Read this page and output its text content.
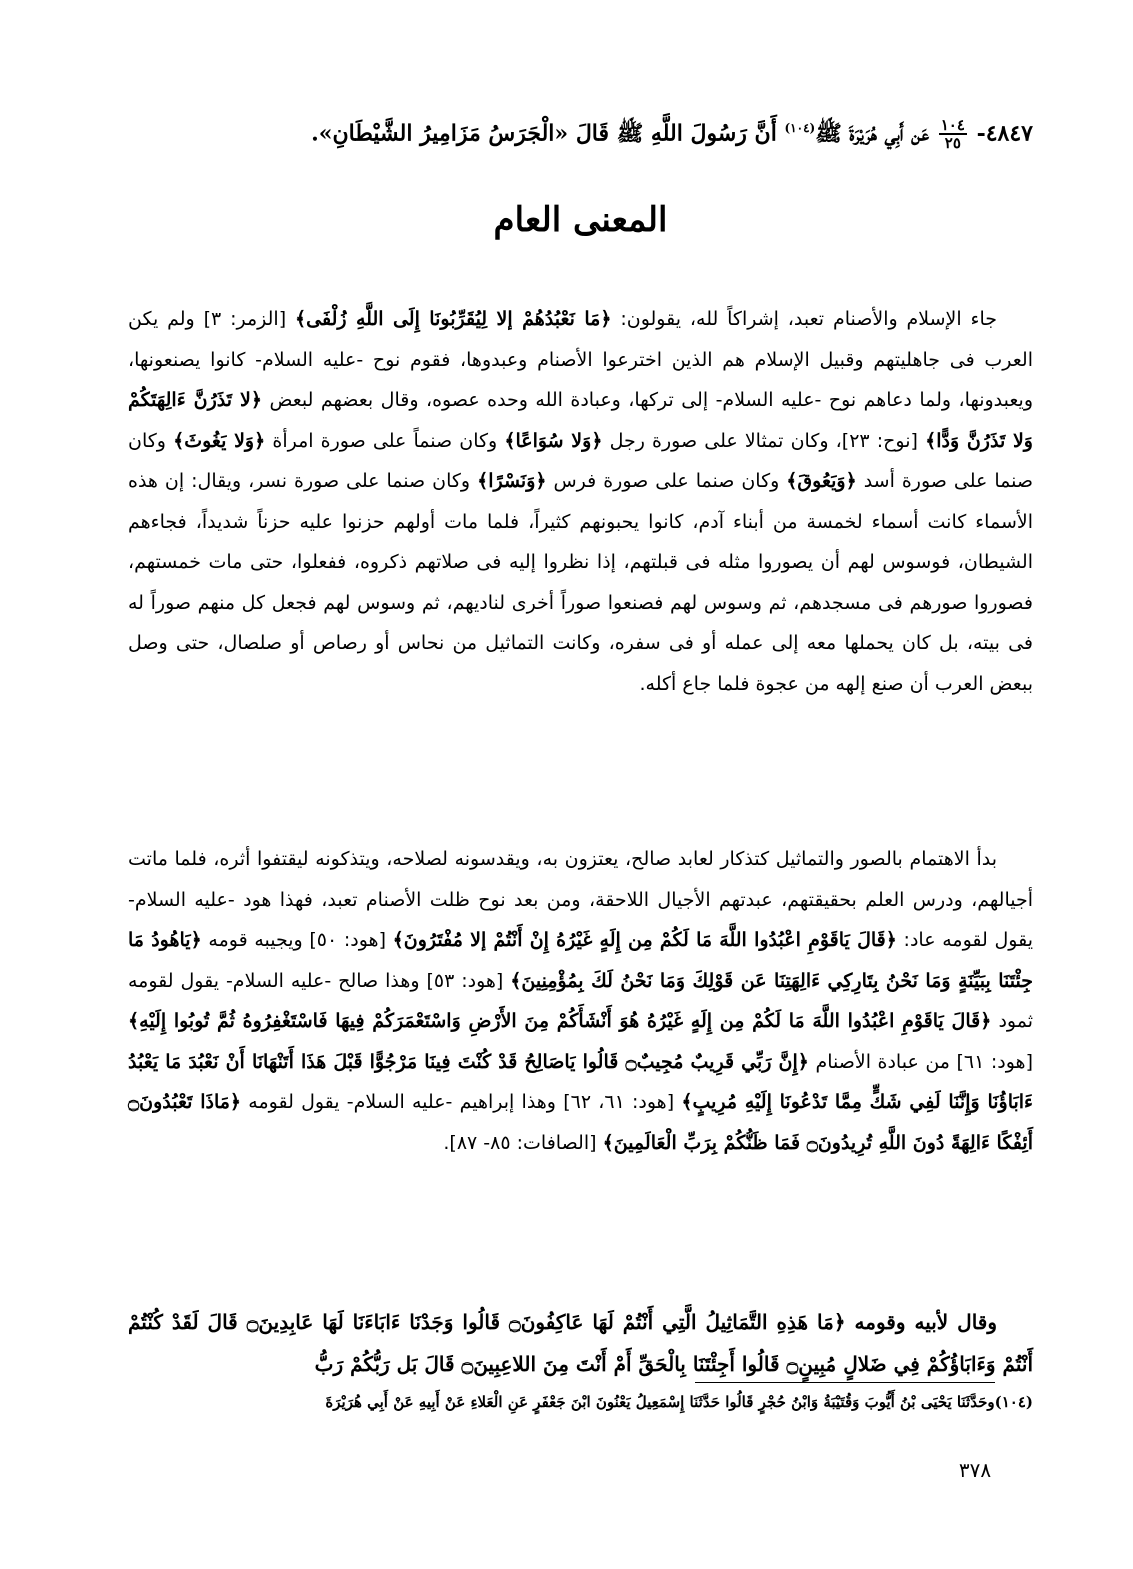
٤٨٤٧-
$\frac{١٠٤}{٢٥}$
عَن أَبِي هُرَيْرَةَ ﷺ$^{(١٠٤)}$ أَنَّ رَسُولَ اللَّهِ ﷺ قَالَ «الْجَرَسُ مَزَامِيرُ الشَّيْطَانِ».
المعنى العام

جاء الإسلام والأصنام تعبد، إشراكاً لله، يقولون: ﴿مَا نَعْبُدُهُمْ إلا لِيُقَرِّبُونَا إِلَى اللَّهِ زُلْفَى﴾ [الزمر: ٣] ولم يكن العرب فى جاهليتهم وقبيل الإسلام هم الذين اخترعوا الأصنام وعبدوها، فقوم نوح -عليه السلام- كانوا يصنعونها، ويعبدونها، ولما دعاهم نوح -عليه السلام- إلى تركها، وعبادة الله وحده عصوه، وقال بعضهم لبعض ﴿لا تَذَرُنَّ ءَالِهَتَكُمْ وَلا تَذَرُنَّ وَدًّا﴾ [نوح: ٢٣]، وكان تمثالا على صورة رجل ﴿وَلا سُوَاعًا﴾ وكان صنماً على صورة امرأة ﴿وَلا يَغُوثَ﴾ وكان صنما على صورة أسد ﴿وَيَعُوقَ﴾ وكان صنما على صورة فرس ﴿وَنَسْرًا﴾ وكان صنما على صورة نسر، ويقال: إن هذه الأسماء كانت أسماء لخمسة من أبناء آدم، كانوا يحبونهم كثيراً، فلما مات أولهم حزنوا عليه حزناً شديداً، فجاءهم الشيطان، فوسوس لهم أن يصوروا مثله فى قبلتهم، إذا نظروا إليه فى صلاتهم ذكروه، ففعلوا، حتى مات خمستهم، فصوروا صورهم فى مسجدهم، ثم وسوس لهم فصنعوا صوراً أخرى لناديهم، ثم وسوس لهم فجعل كل منهم صوراً له فى بيته، بل كان يحملها معه إلى عمله أو فى سفره، وكانت التماثيل من نحاس أو رصاص أو صلصال، حتى وصل ببعض العرب أن صنع إلهه من عجوة فلما جاع أكله.

بدأ الاهتمام بالصور والتماثيل كتذكار لعابد صالح، يعتزون به، ويقدسونه لصلاحه، ويتذكونه ليقتفوا أثره، فلما ماتت أجيالهم، ودرس العلم بحقيقتهم، عبدتهم الأجيال اللاحقة، ومن بعد نوح ظلت الأصنام تعبد، فهذا هود -عليه السلام- يقول لقومه عاد: ﴿قَالَ يَاقَوْمِ اعْبُدُوا اللَّهَ مَا لَكُمْ مِن إِلَهٍ غَيْرُهُ إِنْ أَنْتُمْ إلا مُفْتَرُونَ﴾ [هود: ٥٠] ويجيبه قومه ﴿يَاهُودُ مَا جِئْتَنَا بِبَيِّنَةٍ وَمَا نَحْنُ بِتَارِكِي ءَالِهَتِنَا عَن قَوْلِكَ وَمَا نَحْنُ لَكَ بِمُؤْمِنِينَ﴾ [هود: ٥٣] وهذا صالح -عليه السلام- يقول لقومه ثمود ﴿قَالَ يَاقَوْمِ اعْبُدُوا اللَّهَ مَا لَكُمْ مِن إِلَهٍ غَيْرُهُ هُوَ أَنْشَأَكُمْ مِنَ الأَرْضِ وَاسْتَعْمَرَكُمْ فِيهَا فَاسْتَغْفِرُوهُ ثُمَّ تُوبُوا إِلَيْهِ﴾ [هود: ٦١] من عبادة الأصنام ﴿إِنَّ رَبِّي قَرِيبٌ مُجِيبٌ۝ قَالُوا يَاصَالِحُ قَدْ كُنْتَ فِينَا مَرْجُوًّا قَبْلَ هَذَا أَتَنْهَانَا أَنْ نَعْبُدَ مَا يَعْبُدُ ءَابَاؤُنَا وَإِنَّنَا لَفِي شَكٍّ مِمَّا تَدْعُونَا إِلَيْهِ مُرِيبٍ﴾ [هود: ٦١، ٦٢] وهذا إبراهيم -عليه السلام- يقول لقومه ﴿مَاذَا تَعْبُدُونَ۝ أَئِفْكًا ءَالِهَةً دُونَ اللَّهِ تُرِيدُونَ۝ فَمَا ظَنُّكُمْ بِرَبِّ الْعَالَمِينَ﴾ [الصافات: ٨٥- ٨٧].

وقال لأبيه وقومه ﴿مَا هَذِهِ التَّمَاثِيلُ الَّتِي أَنْتُمْ لَهَا عَاكِفُونَ۝ قَالُوا وَجَدْنَا ءَابَاءَنَا لَهَا عَابِدِينَ۝ قَالَ لَقَدْ كُنْتُمْ أَنْتُمْ وَءَابَاؤُكُمْ فِي ضَلالٍ مُبِينٍ۝ قَالُوا أَجِئْتَنَا بِالْحَقِّ أَمْ أَنْتَ مِنَ اللاعِبِينَ۝ قَالَ بَل رَبُّكُمْ رَبُّ

(١٠٤)وحَدَّثَنَا يَحْيَى بْنُ أَيُّوبَ وَقُتَيْبَةُ وَابْنُ حُجْرٍ قَالُوا حَدَّثَنَا إِسْمَعِيلُ يَعْنُونَ ابْنَ جَعْفَرٍ عَنِ الْعَلاءِ عَنْ أَبِيهِ عَنْ أَبِي هُرَيْرَةَ
٣٧٨
